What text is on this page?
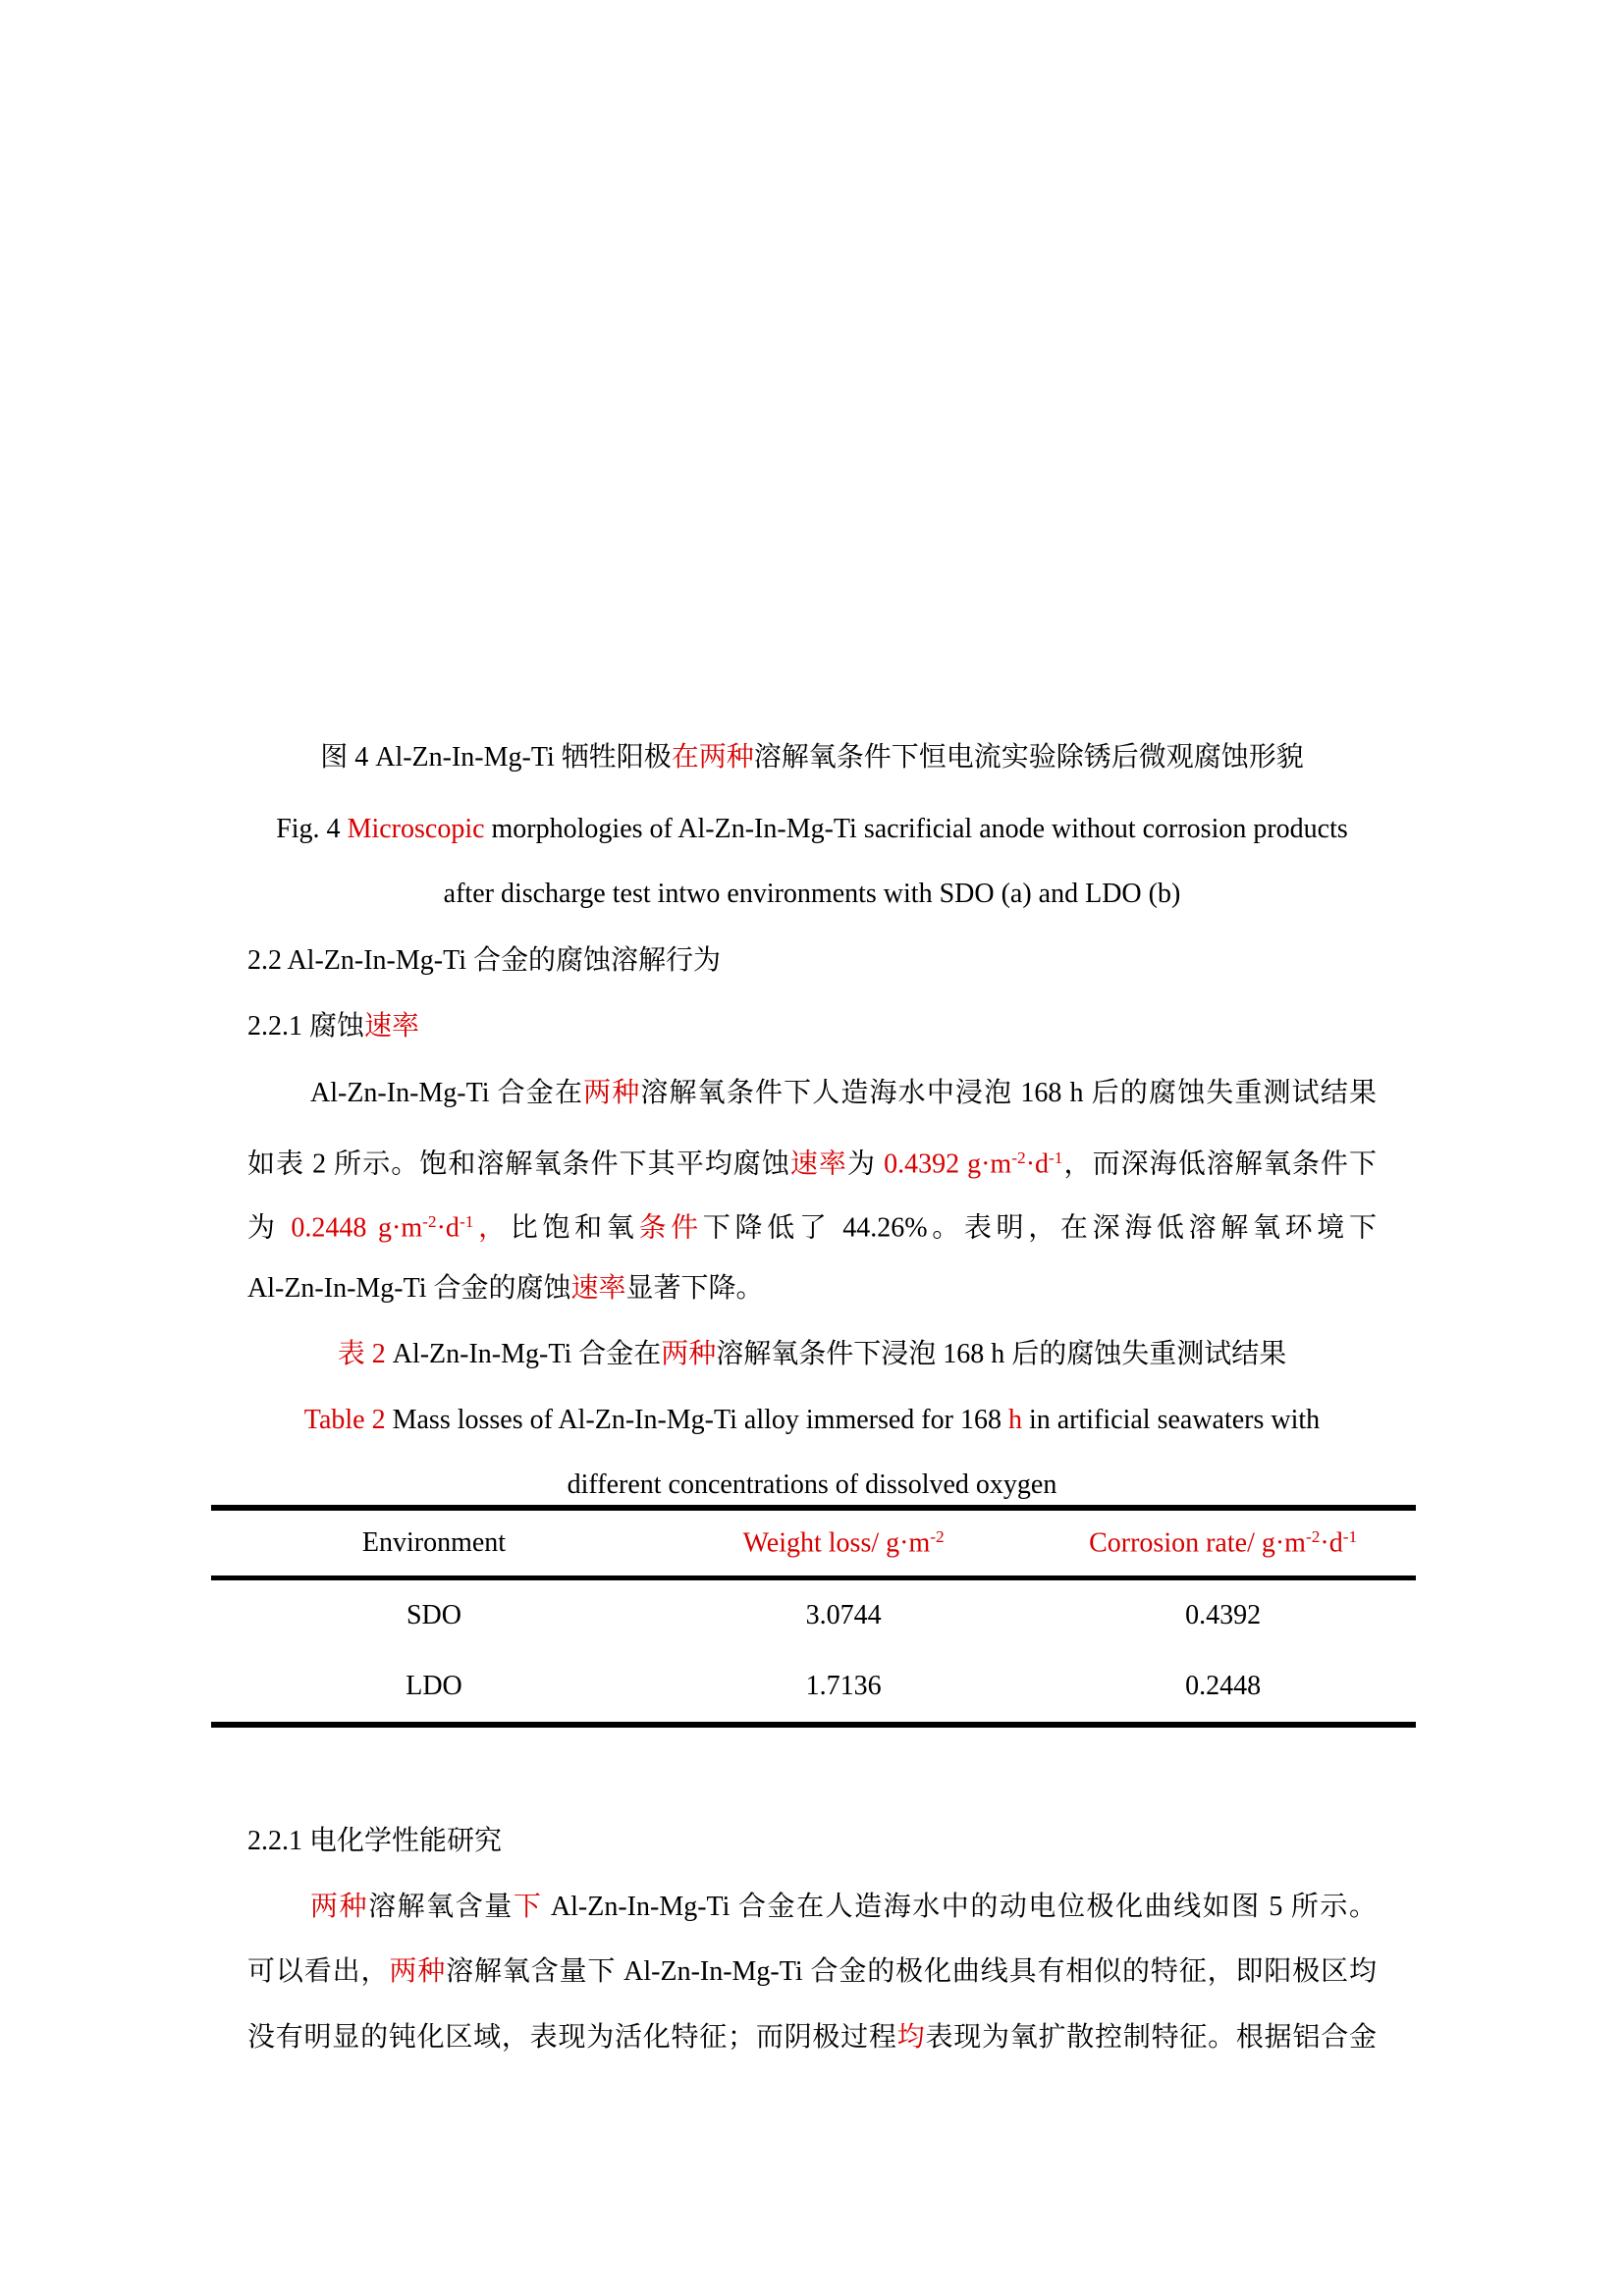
图 4 Al-Zn-In-Mg-Ti 牺牲阳极在两种溶解氧条件下恒电流实验除锈后微观腐蚀形貌
Fig. 4 Microscopic morphologies of Al-Zn-In-Mg-Ti sacrificial anode without corrosion products
after discharge test intwo environments with SDO (a) and LDO (b)
2.2 Al-Zn-In-Mg-Ti 合金的腐蚀溶解行为
2.2.1 腐蚀速率
Al-Zn-In-Mg-Ti 合金在两种溶解氧条件下人造海水中浸泡 168 h 后的腐蚀失重测试结果
如表 2 所示。饱和溶解氧条件下其平均腐蚀速率为 0.4392 $g\cdot m^{-2}\cdot d^{-1}$，而深海低溶解氧条件下
为 0.2448 $g\cdot m^{-2}\cdot d^{-1}$，比饱和氧条件下降低了 44.26%。表明，在深海低溶解氧环境下
Al-Zn-In-Mg-Ti 合金的腐蚀速率显著下降。
表 2 Al-Zn-In-Mg-Ti 合金在两种溶解氧条件下浸泡 168 h 后的腐蚀失重测试结果
Table 2 Mass losses of Al-Zn-In-Mg-Ti alloy immersed for 168 h in artificial seawaters with
different concentrations of dissolved oxygen
2.2.1 电化学性能研究
两种溶解氧含量下 Al-Zn-In-Mg-Ti 合金在人造海水中的动电位极化曲线如图 5 所示。
可以看出，两种溶解氧含量下 Al-Zn-In-Mg-Ti 合金的极化曲线具有相似的特征，即阳极区均
没有明显的钝化区域，表现为活化特征；而阴极过程均表现为氧扩散控制特征。根据铝合金
Environment	Weight loss/ $g\cdot m^{-2}$	Corrosion rate/ $g\cdot m^{-2}\cdot d^{-1}$
SDO	3.0744	0.4392
LDO	1.7136	0.2448
